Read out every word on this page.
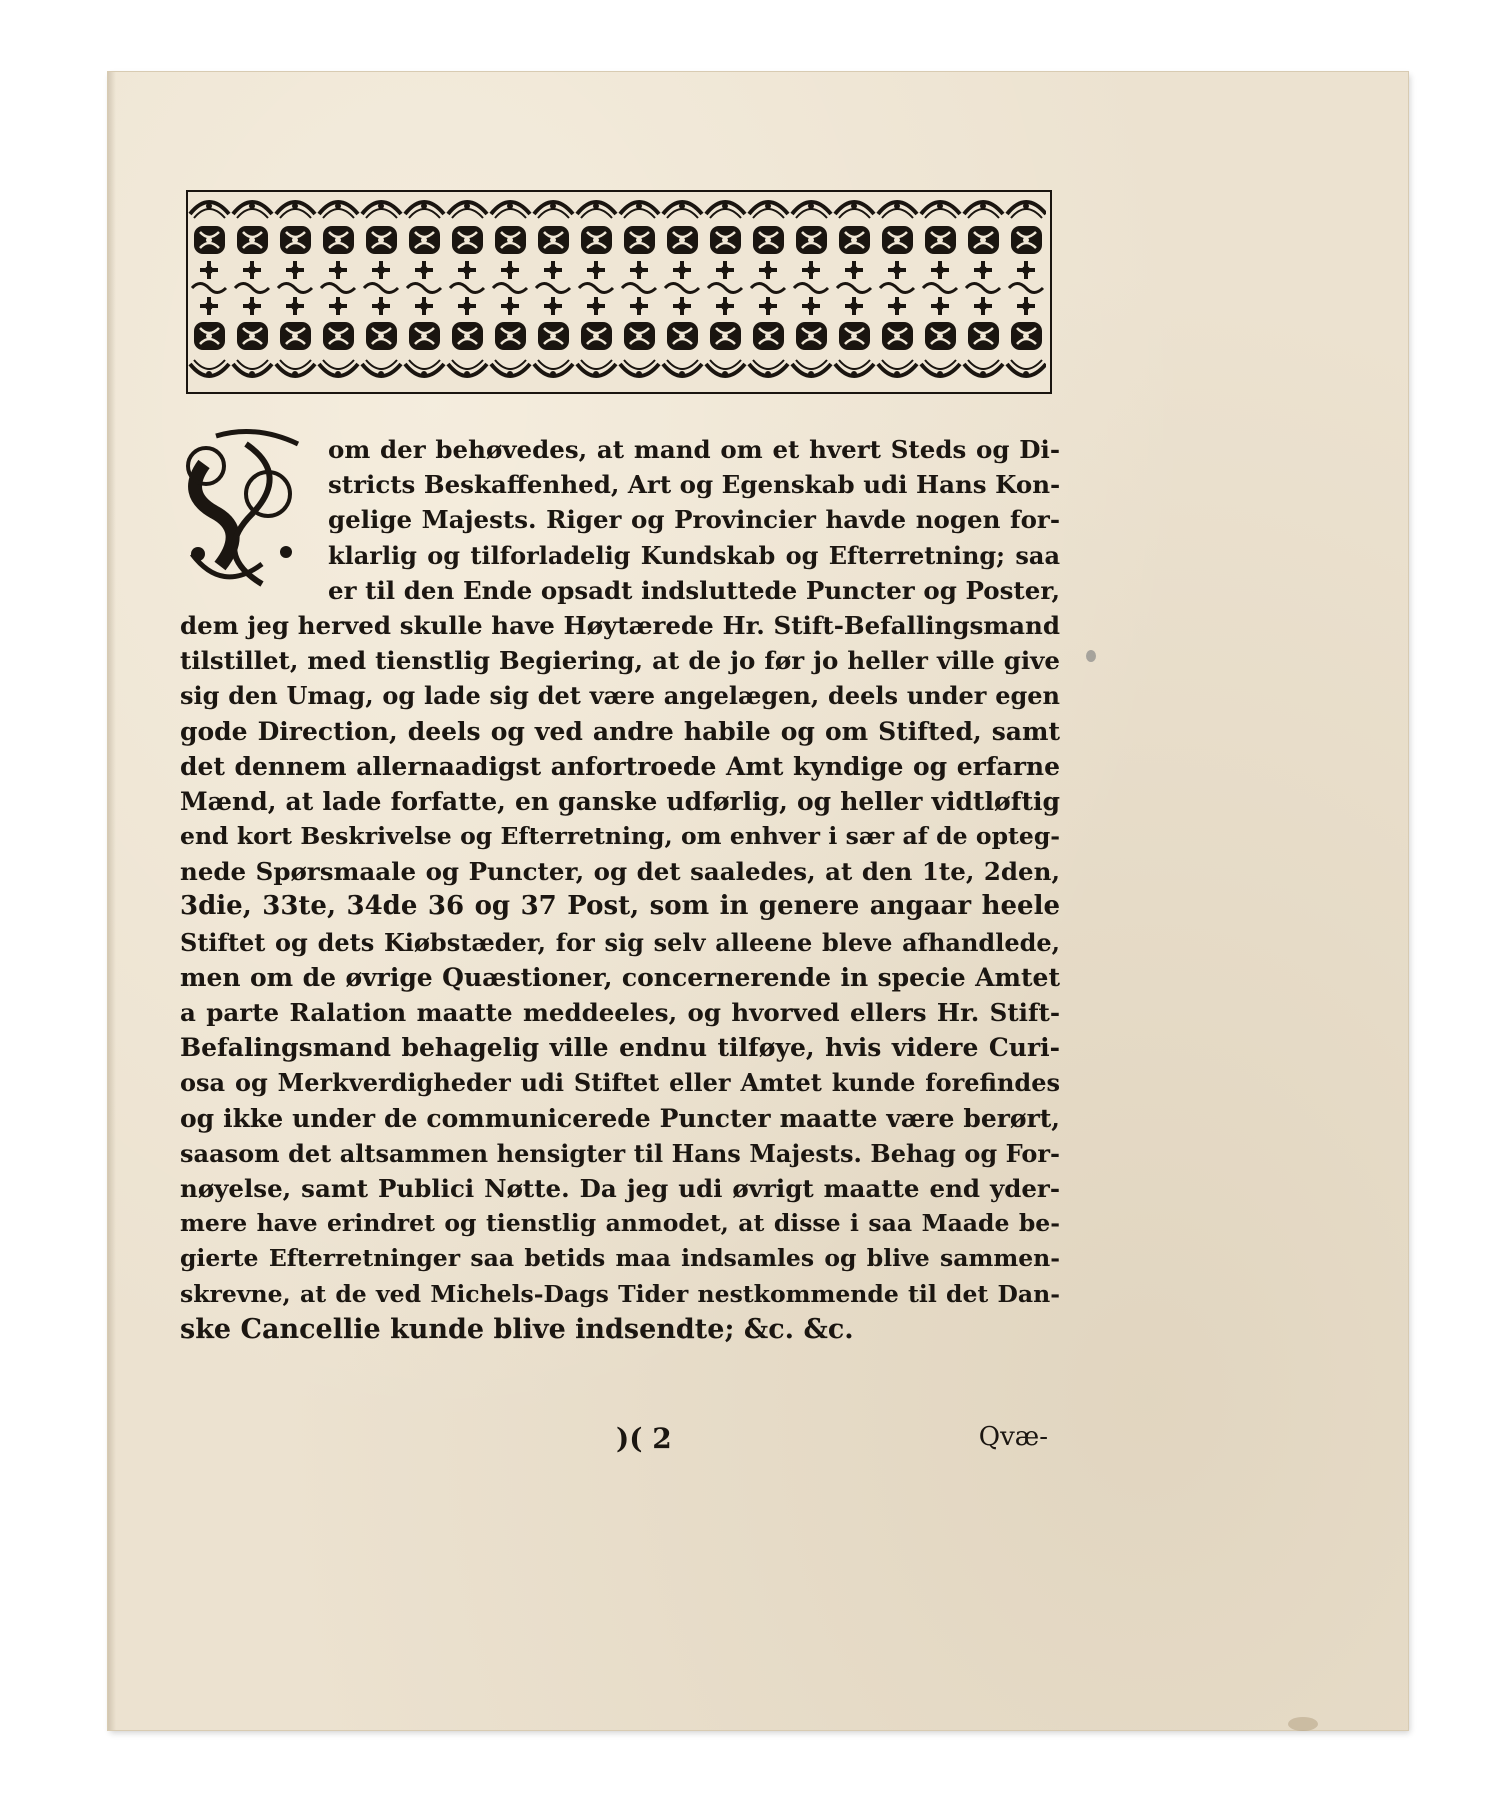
om der behøvedes, at mand om et hvert Steds og Di-
stricts Beskaffenhed, Art og Egenskab udi Hans Kon-
gelige Majests. Riger og Provincier havde nogen for-
klarlig og tilforladelig Kundskab og Efterretning; saa
er til den Ende opsadt indsluttede Puncter og Poster,
dem jeg herved skulle have Høytærede Hr. Stift-Befallingsmand
tilstillet, med tienstlig Begiering, at de jo før jo heller ville give
sig den Umag, og lade sig det være angelægen, deels under egen
gode Direction, deels og ved andre habile og om Stifted, samt
det dennem allernaadigst anfortroede Amt kyndige og erfarne
Mænd, at lade forfatte, en ganske udførlig, og heller vidtløftig
end kort Beskrivelse og Efterretning, om enhver i sær af de opteg-
nede Spørsmaale og Puncter, og det saaledes, at den 1te, 2den,
3die, 33te, 34de 36 og 37 Post, som in genere angaar heele
Stiftet og dets Kiøbstæder, for sig selv alleene bleve afhandlede,
men om de øvrige Quæstioner, concernerende in specie Amtet
a parte Ralation maatte meddeeles, og hvorved ellers Hr. Stift-
Befalingsmand behagelig ville endnu tilføye, hvis videre Curi-
osa og Merkverdigheder udi Stiftet eller Amtet kunde forefindes
og ikke under de communicerede Puncter maatte være berørt,
saasom det altsammen hensigter til Hans Majests. Behag og For-
nøyelse, samt Publici Nøtte. Da jeg udi øvrigt maatte end yder-
mere have erindret og tienstlig anmodet, at disse i saa Maade be-
gierte Efterretninger saa betids maa indsamles og blive sammen-
skrevne, at de ved Michels-Dags Tider nestkommende til det Dan-
ske Cancellie kunde blive indsendte; &c. &c.
)( 2	Qvæ-
